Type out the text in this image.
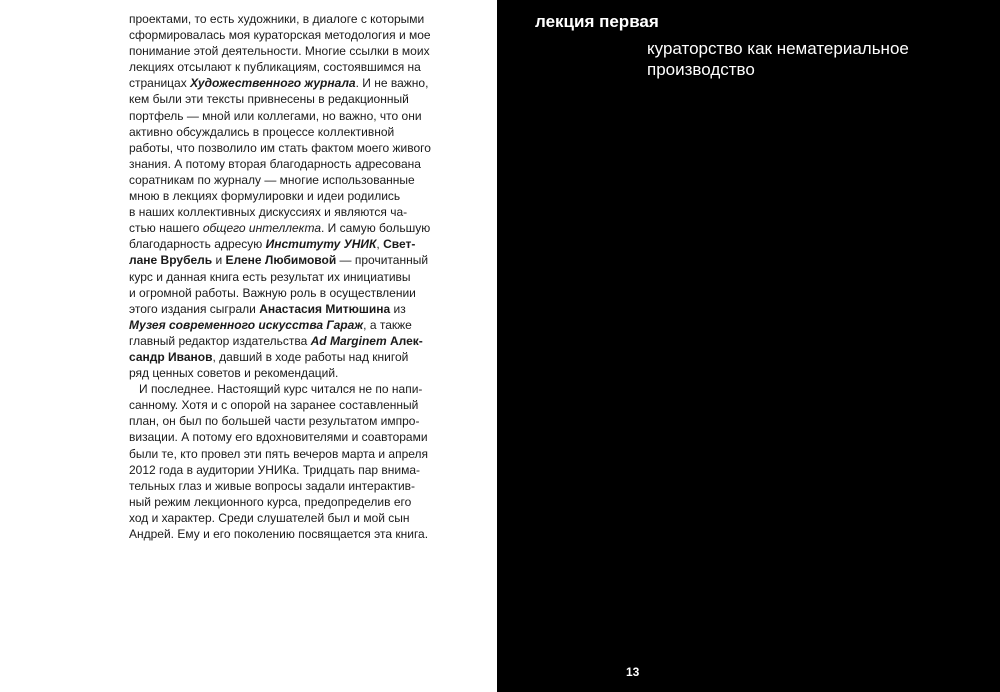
проектами, то есть художники, в диалоге с которыми
сформировалась моя кураторская методология и мое
понимание этой деятельности. Многие ссылки в моих
лекциях отсылают к публикациям, состоявшимся на
страницах Художественного журнала. И не важно,
кем были эти тексты привнесены в редакционный
портфель — мной или коллегами, но важно, что они
активно обсуждались в процессе коллективной
работы, что позволило им стать фактом моего живого
знания. А потому вторая благодарность адресована
соратникам по журналу — многие использованные
мною в лекциях формулировки и идеи родились
в наших коллективных дискуссиях и являются ча-
стью нашего общего интеллекта. И самую большую
благодарность адресую Институту УНИК, Свет-
лане Врубель и Елене Любимовой — прочитанный
курс и данная книга есть результат их инициативы
и огромной работы. Важную роль в осуществлении
этого издания сыграли Анастасия Митюшина из
Музея современного искусства Гараж, а также
главный редактор издательства Ad Marginem Алек-
сандр Иванов, давший в ходе работы над книгой
ряд ценных советов и рекомендаций.
И последнее. Настоящий курс читался не по напи-
санному. Хотя и с опорой на заранее составленный
план, он был по большей части результатом импро-
визации. А потому его вдохновителями и соавторами
были те, кто провел эти пять вечеров марта и апреля
2012 года в аудитории УНИКа. Тридцать пар внима-
тельных глаз и живые вопросы задали интерактив-
ный режим лекционного курса, предопределив его
ход и характер. Среди слушателей был и мой сын
Андрей. Ему и его поколению посвящается эта книга.
лекция первая
кураторство как нематериальное
производство
13
